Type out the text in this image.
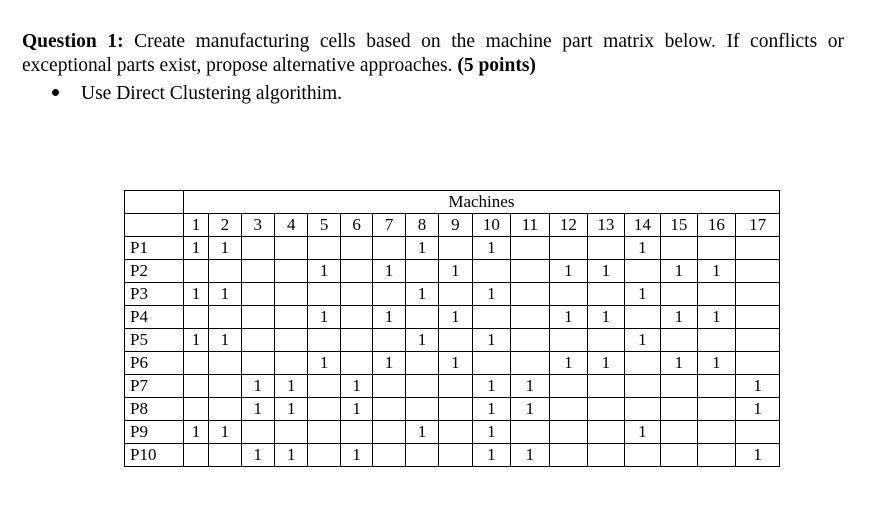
Question 1: Create manufacturing cells based on the machine part matrix below. If conflicts or exceptional parts exist, propose alternative approaches. (5 points)
Use Direct Clustering algorithim.
	Machines																
	1	2	3	4	5	6	7	8	9	10	11	12	13	14	15	16	17
P1	1	1						1		1				1			
P2					1		1		1			1	1		1	1	
P3	1	1						1		1				1			
P4					1		1		1			1	1		1	1	
P5	1	1						1		1				1			
P6					1		1		1			1	1		1	1	
P7			1	1		1				1	1						1
P8			1	1		1				1	1						1
P9	1	1						1		1				1			
P10			1	1		1				1	1						1
